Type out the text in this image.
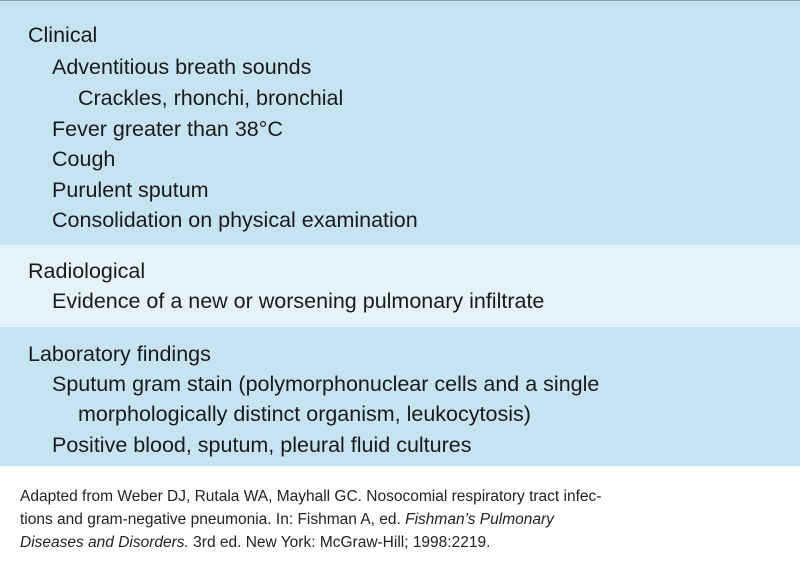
Clinical
Adventitious breath sounds
Crackles, rhonchi, bronchial
Fever greater than 38°C
Cough
Purulent sputum
Consolidation on physical examination
Radiological
Evidence of a new or worsening pulmonary infiltrate
Laboratory findings
Sputum gram stain (polymorphonuclear cells and a single
morphologically distinct organism, leukocytosis)
Positive blood, sputum, pleural fluid cultures
Adapted from Weber DJ, Rutala WA, Mayhall GC. Nosocomial respiratory tract infec-
tions and gram-negative pneumonia. In: Fishman A, ed. Fishman’s Pulmonary
Diseases and Disorders. 3rd ed. New York: McGraw-Hill; 1998:2219.
